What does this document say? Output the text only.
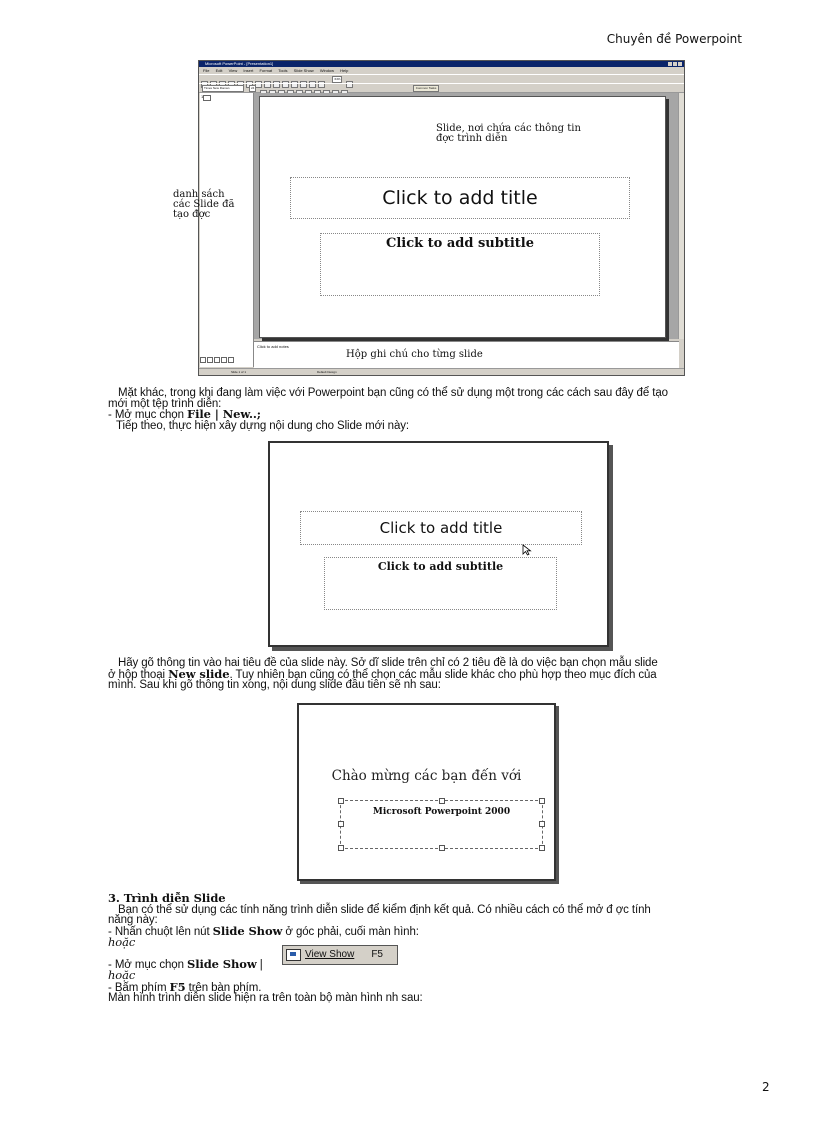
Chuyên đề Powerpoint
Microsoft PowerPoint - [Presentation1]
File Edit View Insert Format Tools Slide Show Window Help
64%
Times New Roman	24	Common Tasks
1
Click to add title
Click to add subtitle
Click to add notes
Slide 1 of 1	Default Design
Slide, nơi chứa các thông tin
đợc trình diễn
danh sách
các Slide đã
tạo đợc
Hộp ghi chú cho từng slide
Mặt khác, trong khi đang làm việc với Powerpoint bạn cũng có thể sử dụng một trong các cách sau đây để tạo
mới một tệp trình diễn:
- Mở mục chọn File | New..;
Tiếp theo, thực hiện xây dựng nội dung cho Slide mới này:
Click to add title
Click to add subtitle
Hãy gõ thông tin vào hai tiêu đề của slide này. Sở dĩ slide trên chỉ có 2 tiêu đề là do việc bạn chọn mẫu slide
ở hộp thoại New slide. Tuy nhiên bạn cũng có thể chọn các mẫu slide khác cho phù hợp theo mục đích của
mình. Sau khi gõ thông tin xong, nội dung slide đầu tiên sẽ nh sau:
Chào mừng các bạn đến với
Microsoft Powerpoint 2000
3. Trình diễn Slide
Bạn có thể sử dụng các tính năng trình diễn slide để kiểm định kết quả. Có nhiều cách có thể mở đ ợc tính
năng này:
- Nhấn chuột lên nút Slide Show ở góc phải, cuối màn hình:
hoặc
- Mở mục chọn Slide Show |
hoặc
- Bấm phím F5 trên bàn phím.
Màn hình trình diễn slide hiện ra trên toàn bộ màn hình nh sau:
View Show F5
2
